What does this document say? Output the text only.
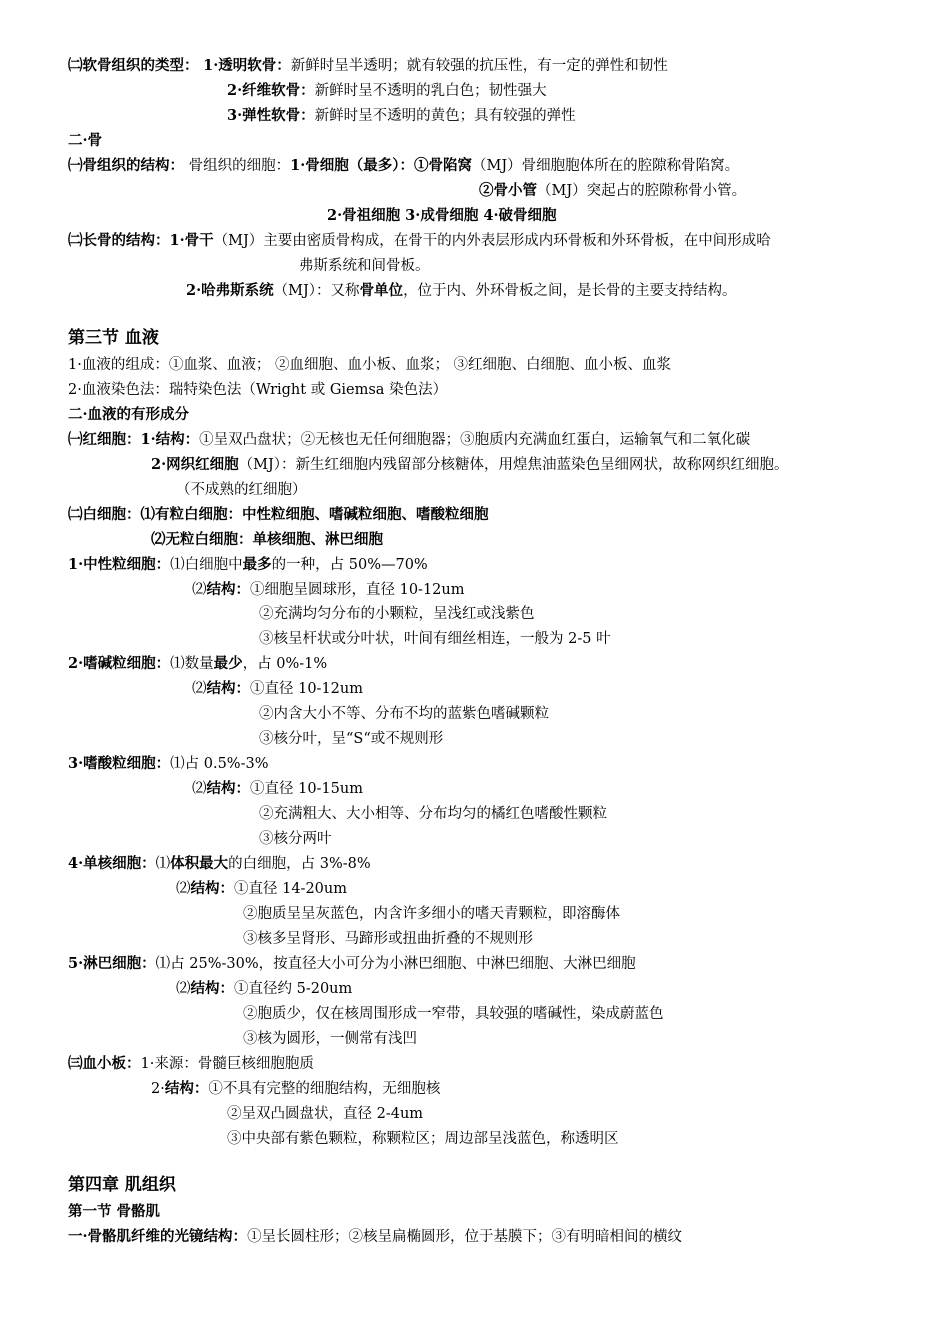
㈡软骨组织的类型： 1·透明软骨：新鲜时呈半透明；就有较强的抗压性，有一定的弹性和韧性
2·纤维软骨：新鲜时呈不透明的乳白色；韧性强大
3·弹性软骨：新鲜时呈不透明的黄色；具有较强的弹性
二·骨
㈠骨组织的结构： 骨组织的细胞：1·骨细胞（最多）：①骨陷窝（MJ）骨细胞胞体所在的腔隙称骨陷窝。
②骨小管（MJ）突起占的腔隙称骨小管。
2·骨祖细胞 3·成骨细胞 4·破骨细胞
㈡长骨的结构：1·骨干（MJ）主要由密质骨构成，在骨干的内外表层形成内环骨板和外环骨板，在中间形成哈
弗斯系统和间骨板。
2·哈弗斯系统（MJ）：又称骨单位，位于内、外环骨板之间，是长骨的主要支持结构。
第三节 血液
1·血液的组成：①血浆、血液； ②血细胞、血小板、血浆； ③红细胞、白细胞、血小板、血浆
2·血液染色法：瑞特染色法（Wright 或 Giemsa 染色法）
二·血液的有形成分
㈠红细胞：1·结构：①呈双凸盘状；②无核也无任何细胞器；③胞质内充满血红蛋白，运输氧气和二氧化碳
2·网织红细胞（MJ）：新生红细胞内残留部分核糖体，用煌焦油蓝染色呈细网状，故称网织红细胞。
（不成熟的红细胞）
㈡白细胞：⑴有粒白细胞：中性粒细胞、嗜碱粒细胞、嗜酸粒细胞
⑵无粒白细胞：单核细胞、淋巴细胞
1·中性粒细胞：⑴白细胞中最多的一种，占 50%—70%
⑵结构：①细胞呈圆球形，直径 10-12um
②充满均匀分布的小颗粒，呈浅红或浅紫色
③核呈杆状或分叶状，叶间有细丝相连，一般为 2-5 叶
2·嗜碱粒细胞：⑴数量最少，占 0%-1%
⑵结构：①直径 10-12um
②内含大小不等、分布不均的蓝紫色嗜碱颗粒
③核分叶，呈“S“或不规则形
3·嗜酸粒细胞：⑴占 0.5%-3%
⑵结构：①直径 10-15um
②充满粗大、大小相等、分布均匀的橘红色嗜酸性颗粒
③核分两叶
4·单核细胞：⑴体积最大的白细胞，占 3%-8%
⑵结构：①直径 14-20um
②胞质呈呈灰蓝色，内含许多细小的嗜天青颗粒，即溶酶体
③核多呈肾形、马蹄形或扭曲折叠的不规则形
5·淋巴细胞：⑴占 25%-30%，按直径大小可分为小淋巴细胞、中淋巴细胞、大淋巴细胞
⑵结构：①直径约 5-20um
②胞质少，仅在核周围形成一窄带，具较强的嗜碱性，染成蔚蓝色
③核为圆形，一侧常有浅凹
㈢血小板：1·来源：骨髓巨核细胞胞质
2·结构：①不具有完整的细胞结构，无细胞核
②呈双凸圆盘状，直径 2-4um
③中央部有紫色颗粒，称颗粒区；周边部呈浅蓝色，称透明区
第四章 肌组织
第一节 骨骼肌
一·骨骼肌纤维的光镜结构：①呈长圆柱形；②核呈扁椭圆形，位于基膜下；③有明暗相间的横纹
